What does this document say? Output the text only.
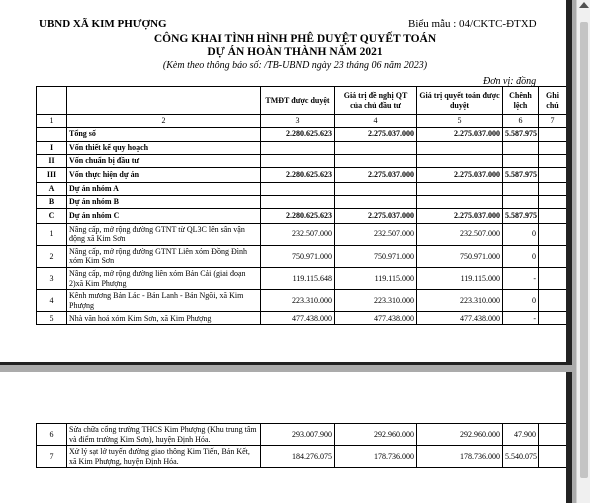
UBND XÃ KIM PHƯỢNG	Biểu mẫu : 04/CKTC-ĐTXD
CÔNG KHAI TÌNH HÌNH PHÊ DUYỆT QUYẾT TOÁN
DỰ ÁN HOÀN THÀNH NĂM 2021
(Kèm theo thông báo số: /TB-UBND ngày 23 tháng 06 năm 2023)
Đơn vị: đồng
		TMĐT được duyệt	Giá trị đề nghị QT của chủ đầu tư	Giá trị quyết toán được duyệt	Chênh lệch	Ghi chú
1	2	3	4	5	6	7
	Tổng số	2.280.625.623	2.275.037.000	2.275.037.000	5.587.975	
I	Vốn thiết kế quy hoạch					
II	Vốn chuẩn bị đầu tư					
III	Vốn thực hiện dự án	2.280.625.623	2.275.037.000	2.275.037.000	5.587.975	
A	Dự án nhóm A					
B	Dự án nhóm B					
C	Dự án nhóm C	2.280.625.623	2.275.037.000	2.275.037.000	5.587.975	
1	Nâng cấp, mở rộng đường GTNT từ QL3C lên sân vận động xã Kim Sơn	232.507.000	232.507.000	232.507.000	0	
2	Nâng cấp, mở rộng đường GTNT Liên xóm Đồng Đình xóm Kim Sơn	750.971.000	750.971.000	750.971.000	0	
3	Nâng cấp, mở rộng đường liên xóm Bản Cải (giai đoạn 2)xã Kim Phượng	119.115.648	119.115.000	119.115.000	-	
4	Kênh mương Bản Lác - Bản Lanh - Bản Ngõi, xã Kim Phượng	223.310.000	223.310.000	223.310.000	0	
5	Nhà văn hoá xóm Kim Sơn, xã Kim Phượng	477.438.000	477.438.000	477.438.000	-	
6	Sửa chữa cổng trường THCS Kim Phượng (Khu trung tâm và điểm trường Kim Sơn), huyện Định Hóa.	293.007.900	292.960.000	292.960.000	47.900	
7	Xử lý sạt lở tuyến đường giao thông Kim Tiến, Bản Kết, xã Kim Phượng, huyện Định Hóa.	184.276.075	178.736.000	178.736.000	5.540.075	
